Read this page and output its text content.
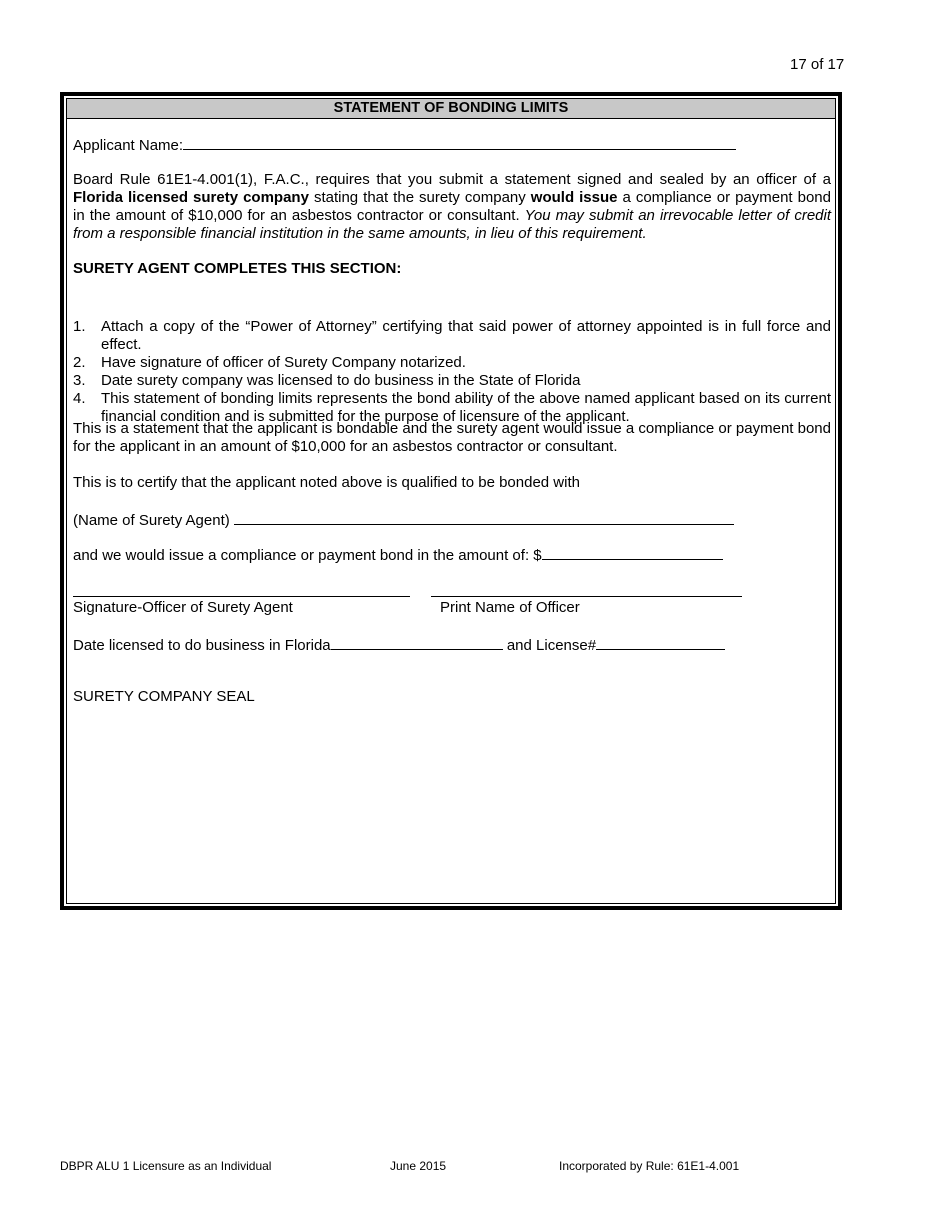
17 of 17
STATEMENT OF BONDING LIMITS
Applicant Name:
Board Rule 61E1-4.001(1), F.A.C., requires that you submit a statement signed and sealed by an officer of a Florida licensed surety company stating that the surety company would issue a compliance or payment bond in the amount of $10,000 for an asbestos contractor or consultant. You may submit an irrevocable letter of credit from a responsible financial institution in the same amounts, in lieu of this requirement.
SURETY AGENT COMPLETES THIS SECTION:
1. Attach a copy of the “Power of Attorney” certifying that said power of attorney appointed is in full force and effect.
2. Have signature of officer of Surety Company notarized.
3. Date surety company was licensed to do business in the State of Florida
4. This statement of bonding limits represents the bond ability of the above named applicant based on its current financial condition and is submitted for the purpose of licensure of the applicant.
This is a statement that the applicant is bondable and the surety agent would issue a compliance or payment bond for the applicant in an amount of $10,000 for an asbestos contractor or consultant.
This is to certify that the applicant noted above is qualified to be bonded with
(Name of Surety Agent)
and we would issue a compliance or payment bond in the amount of: $
Signature-Officer of Surety Agent	Print Name of Officer
Date licensed to do business in Florida	and License#
SURETY COMPANY SEAL
DBPR ALU 1 Licensure as an Individual	June 2015	Incorporated by Rule: 61E1-4.001
